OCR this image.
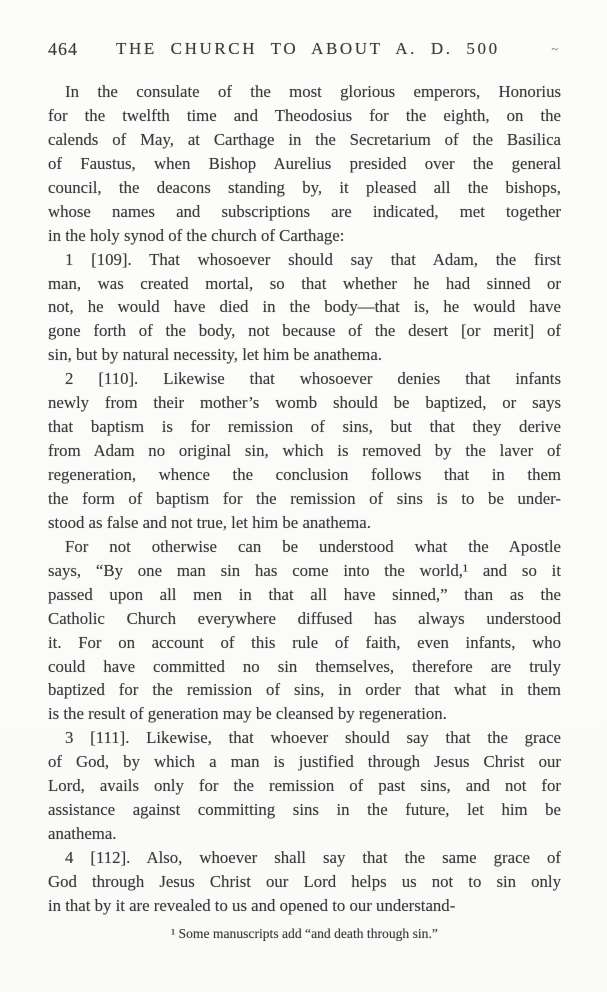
464 THE CHURCH TO ABOUT A. D. 500	~
In the consulate of the most glorious emperors, Honorius
for the twelfth time and Theodosius for the eighth, on the
calends of May, at Carthage in the Secretarium of the Basilica
of Faustus, when Bishop Aurelius presided over the general
council, the deacons standing by, it pleased all the bishops,
whose names and subscriptions are indicated, met together
in the holy synod of the church of Carthage:
1 [109]. That whosoever should say that Adam, the first
man, was created mortal, so that whether he had sinned or
not, he would have died in the body—that is, he would have
gone forth of the body, not because of the desert [or merit] of
sin, but by natural necessity, let him be anathema.
2 [110]. Likewise that whosoever denies that infants
newly from their mother’s womb should be baptized, or says
that baptism is for remission of sins, but that they derive
from Adam no original sin, which is removed by the laver of
regeneration, whence the conclusion follows that in them
the form of baptism for the remission of sins is to be under-
stood as false and not true, let him be anathema.
For not otherwise can be understood what the Apostle
says, “By one man sin has come into the world,¹ and so it
passed upon all men in that all have sinned,” than as the
Catholic Church everywhere diffused has always understood
it. For on account of this rule of faith, even infants, who
could have committed no sin themselves, therefore are truly
baptized for the remission of sins, in order that what in them
is the result of generation may be cleansed by regeneration.
3 [111]. Likewise, that whoever should say that the grace
of God, by which a man is justified through Jesus Christ our
Lord, avails only for the remission of past sins, and not for
assistance against committing sins in the future, let him be
anathema.
4 [112]. Also, whoever shall say that the same grace of
God through Jesus Christ our Lord helps us not to sin only
in that by it are revealed to us and opened to our understand-
¹ Some manuscripts add “and death through sin.”
